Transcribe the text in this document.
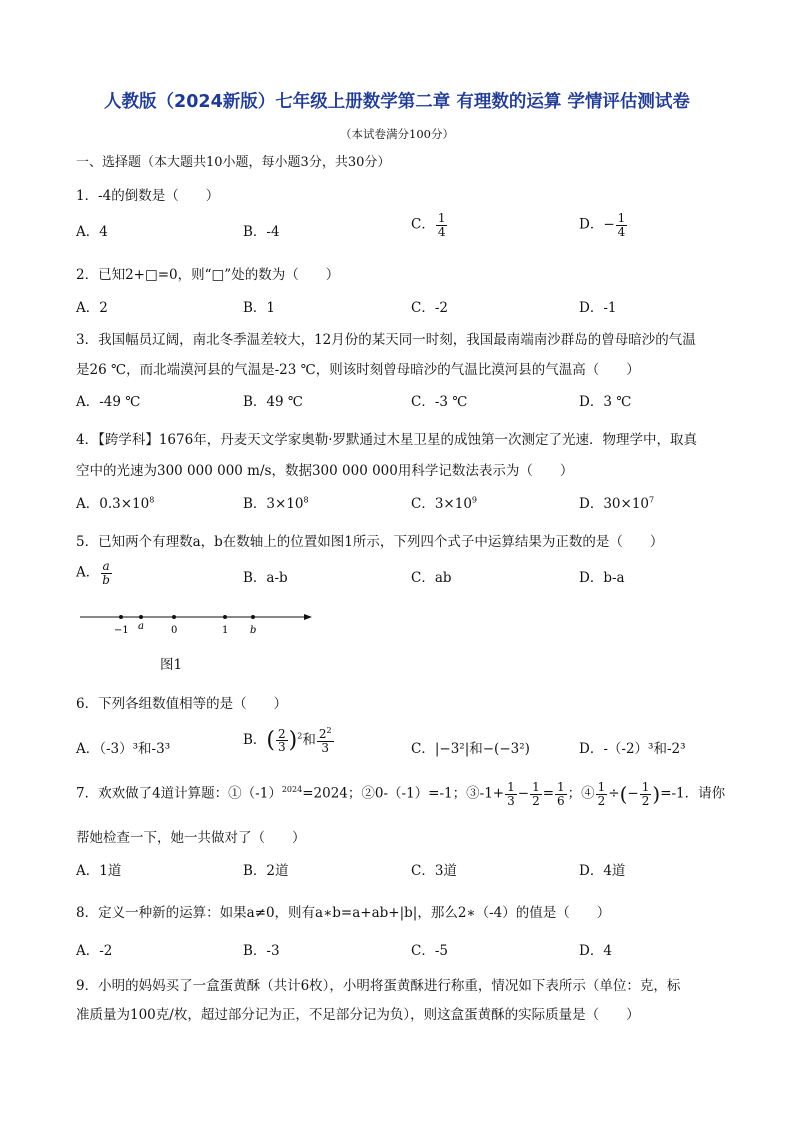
人教版（2024新版）七年级上册数学第二章 有理数的运算 学情评估测试卷
（本试卷满分100分）
一、选择题（本大题共10小题，每小题3分，共30分）
1．-4的倒数是（　　）
A．4	B．-4	C． $\frac{1}{4}$	D．− $\frac{1}{4}$
2．已知2+□=0，则“□”处的数为（　　）
A．2	B．1	C．-2	D．-1
3．我国幅员辽阔，南北冬季温差较大，12月份的某天同一时刻，我国最南端南沙群岛的曾母暗沙的气温
是26 ℃，而北端漠河县的气温是-23 ℃，则该时刻曾母暗沙的气温比漠河县的气温高（　　）
A．-49 ℃	B．49 ℃	C．-3 ℃	D．3 ℃
4．【跨学科】1676年，丹麦天文学家奥勒·罗默通过木星卫星的成蚀第一次测定了光速．物理学中，取真
空中的光速为300 000 000 m/s，数据300 000 000用科学记数法表示为（　　）
A．$0.3\times 10^8$	B．$3\times 10^8$	C．$3\times 10^9$	D．$30\times 10^7$
5．已知两个有理数a，b在数轴上的位置如图1所示，下列四个式子中运算结果为正数的是（　　）
A． $\frac{a}{b}$	B．a-b	C．ab	D．b-a
−1 a	0	1 b
图1
6．下列各组数值相等的是（　　）
A．（-3）³和-3³
B．( $\frac{2}{3} )^2$和 $\frac{2^2}{3}$	C．|−3²|和−(−3²)	D．-（-2）³和-2³
7．欢欢做了4道计算题：$①(-1)^{2024}=2024$；②0-（-1）=-1；③-1+ $\frac{1}{3} - \frac{1}{2} = \frac{1}{6}$ ；④ $\frac{1}{2}$ ÷(− $\frac{1}{2} )=-1$．请你
帮她检查一下，她一共做对了（　　）
A．1道	B．2道	C．3道	D．4道
8．定义一种新的运算：如果a≠0，则有a∗b=a+ab+|b|，那么2∗（-4）的值是（　　）
A．-2	B．-3	C．-5	D．4
9．小明的妈妈买了一盒蛋黄酥（共计6枚），小明将蛋黄酥进行称重，情况如下表所示（单位：克，标
准质量为100克/枚，超过部分记为正，不足部分记为负），则这盒蛋黄酥的实际质量是（　　）
